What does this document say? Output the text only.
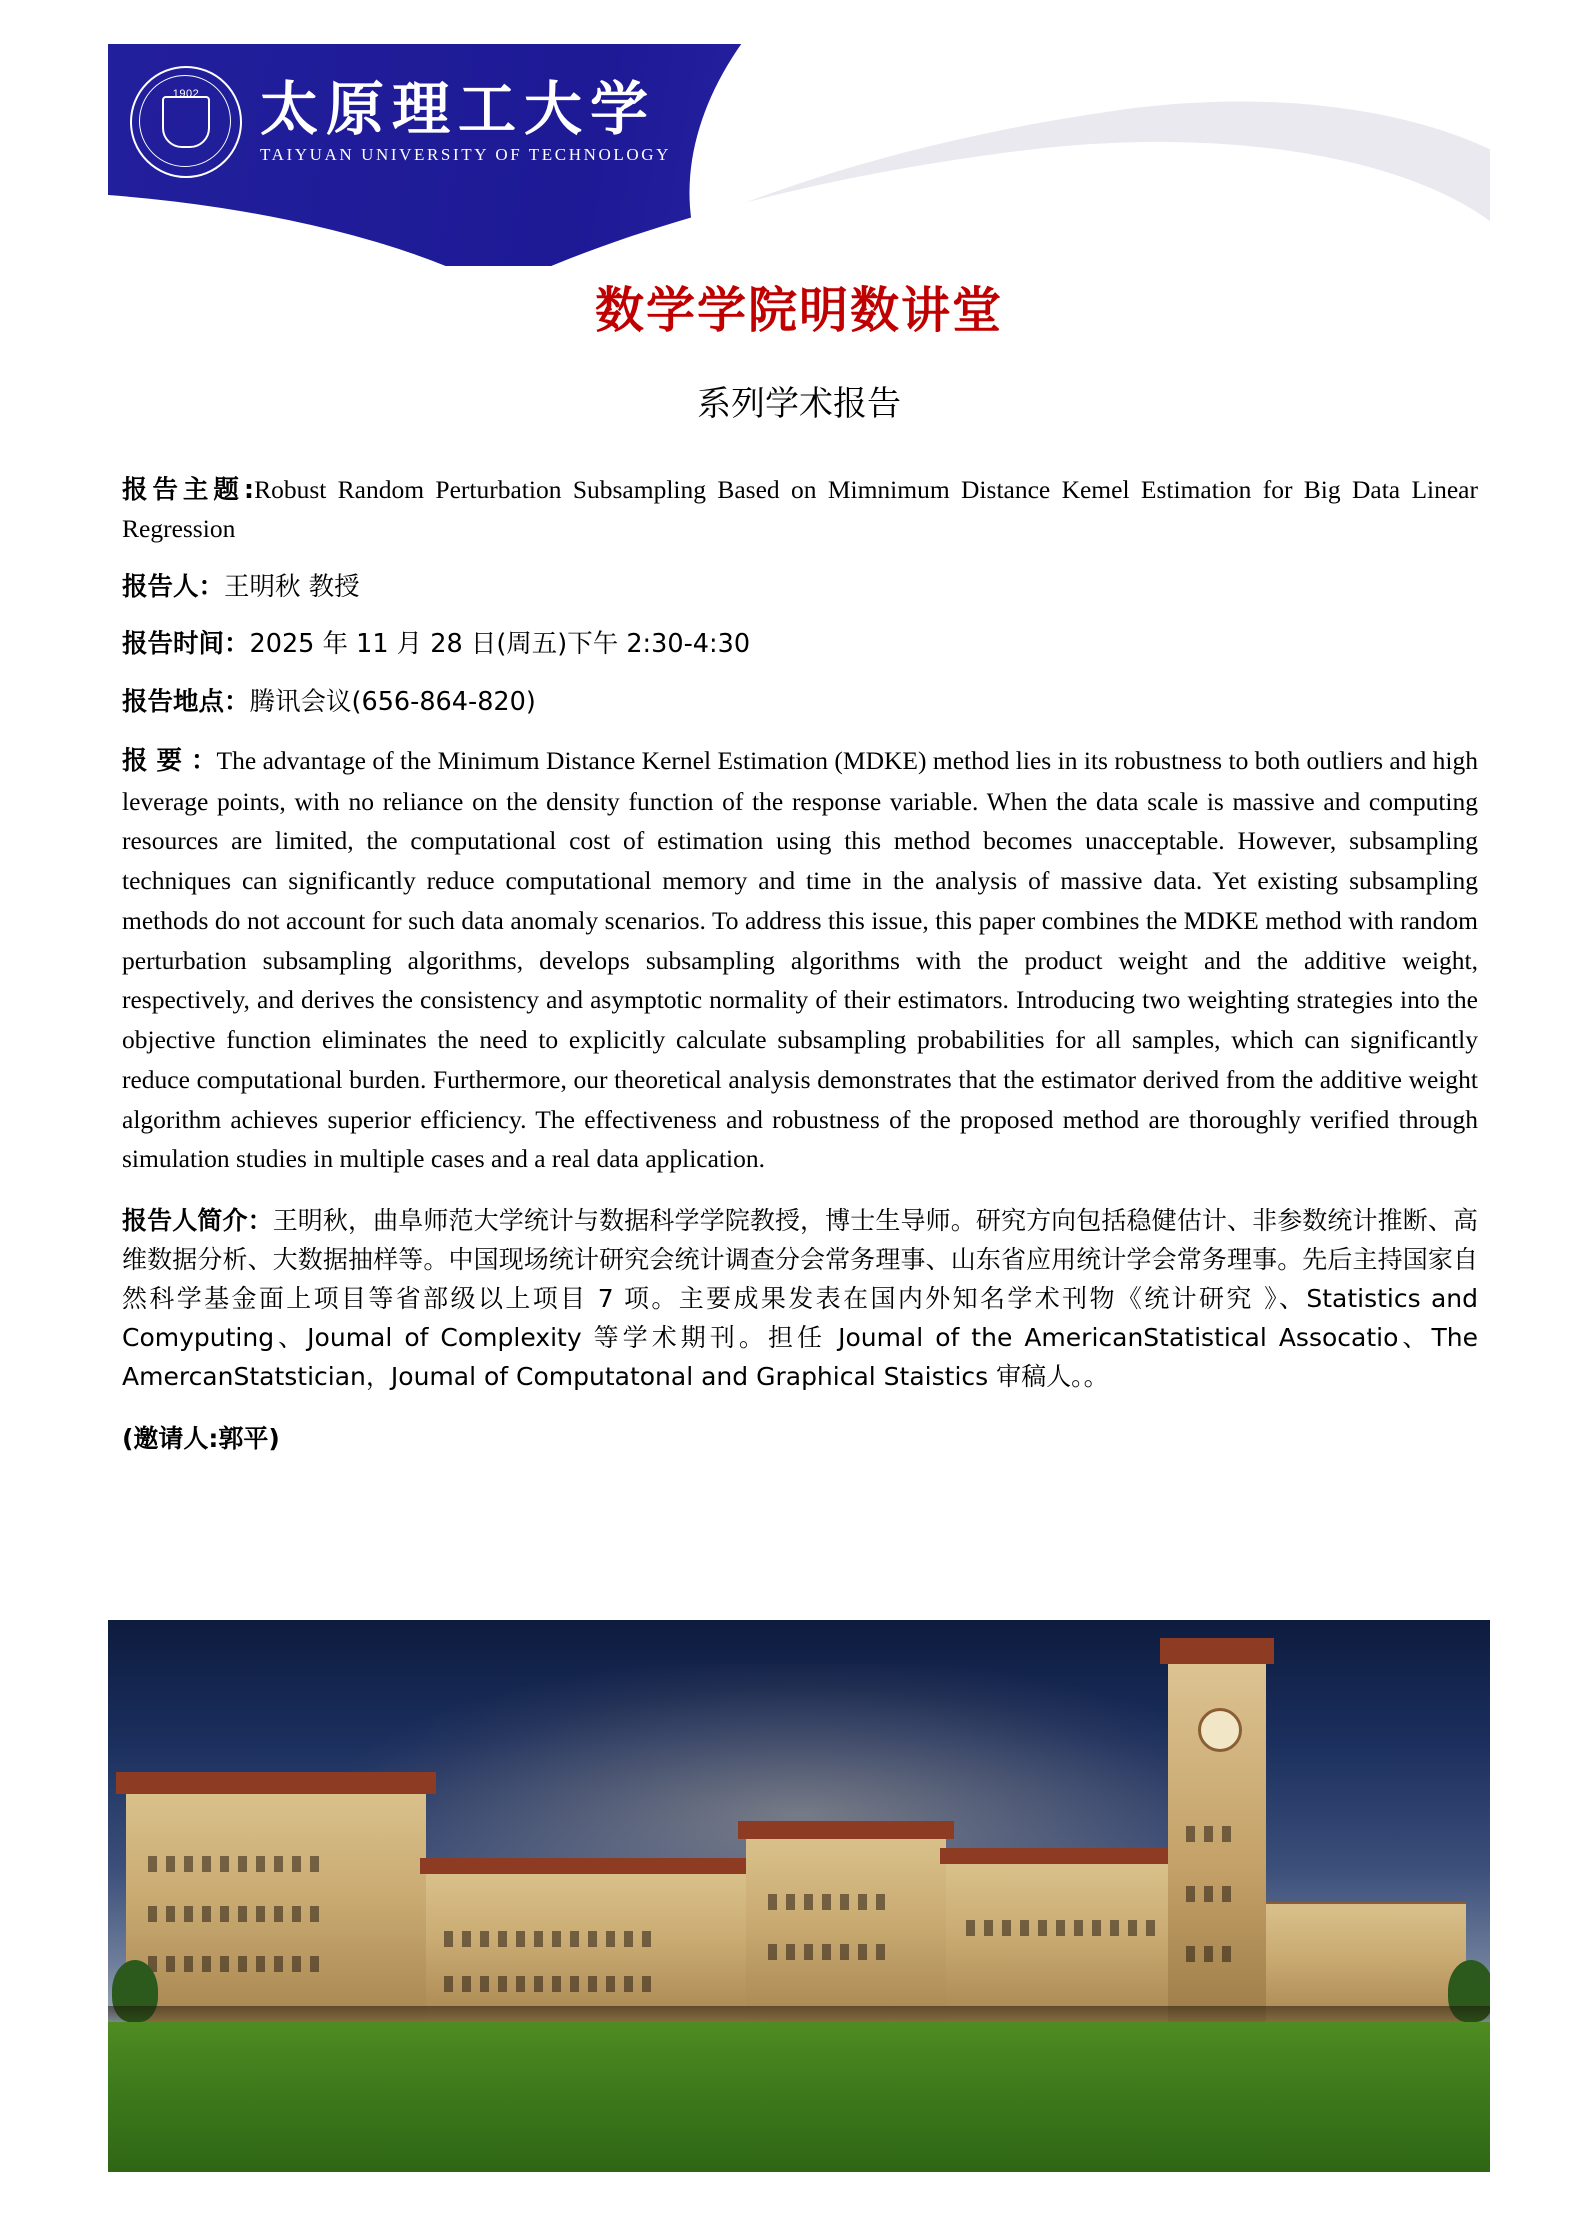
1902 太原理工大学
TAIYUAN UNIVERSITY OF TECHNOLOGY
数学学院明数讲堂
系列学术报告

报告主题:Robust Random Perturbation Subsampling Based on Mimnimum Distance Kemel Estimation for Big Data Linear Regression

报告人：王明秋 教授

报告时间：2025 年 11 月 28 日(周五)下午 2:30-4:30

报告地点：腾讯会议(656-864-820)

报 要 ：The advantage of the Minimum Distance Kernel Estimation (MDKE) method lies in its robustness to both outliers and high leverage points, with no reliance on the density function of the response variable. When the data scale is massive and computing resources are limited, the computational cost of estimation using this method becomes unacceptable. However, subsampling techniques can significantly reduce computational memory and time in the analysis of massive data. Yet existing subsampling methods do not account for such data anomaly scenarios. To address this issue, this paper combines the MDKE method with random perturbation subsampling algorithms, develops subsampling algorithms with the product weight and the additive weight, respectively, and derives the consistency and asymptotic normality of their estimators. Introducing two weighting strategies into the objective function eliminates the need to explicitly calculate subsampling probabilities for all samples, which can significantly reduce computational burden. Furthermore, our theoretical analysis demonstrates that the estimator derived from the additive weight algorithm achieves superior efficiency. The effectiveness and robustness of the proposed method are thoroughly verified through simulation studies in multiple cases and a real data application.

报告人简介：王明秋，曲阜师范大学统计与数据科学学院教授，博士生导师。研究方向包括稳健估计、非参数统计推断、高维数据分析、大数据抽样等。中国现场统计研究会统计调查分会常务理事、山东省应用统计学会常务理事。先后主持国家自然科学基金面上项目等省部级以上项目 7 项。主要成果发表在国内外知名学术刊物《统计研究 》、Statistics and Comyputing、Joumal of Complexity 等学术期刊。担任 Joumal of the AmericanStatistical Assocatio、The AmercanStatstician，Joumal of Computatonal and Graphical Staistics 审稿人。。

(邀请人:郭平)
